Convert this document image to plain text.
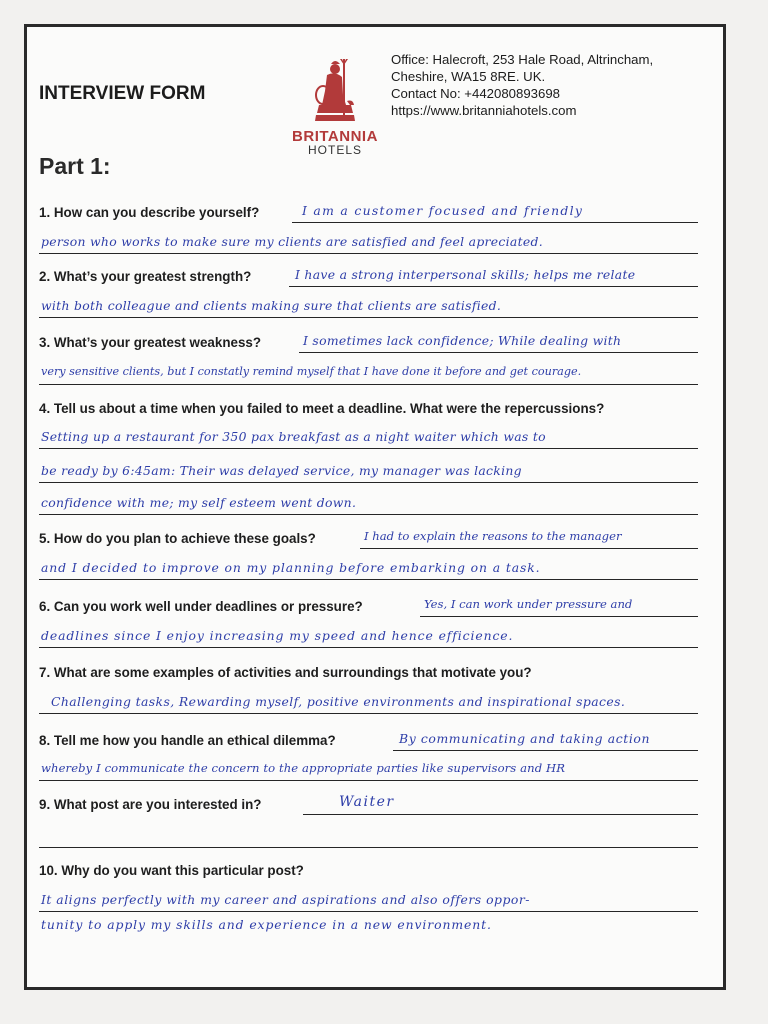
INTERVIEW FORM
BRITANNIA
HOTELS
Office: Halecroft, 253 Hale Road, Altrincham,
Cheshire, WA15 8RE. UK.
Contact No: +442080893698
https://www.britanniahotels.com
Part 1:
1. How can you describe yourself?	I am a customer focused and friendly
person who works to make sure my clients are satisfied and feel apreciated.
2. What’s your greatest strength?	I have a strong interpersonal skills; helps me relate
with both colleague and clients making sure that clients are satisfied.
3. What’s your greatest weakness?	I sometimes lack confidence; While dealing with
very sensitive clients, but I constatly remind myself that I have done it before and get courage.
4. Tell us about a time when you failed to meet a deadline. What were the repercussions?
Setting up a restaurant for 350 pax breakfast as a night waiter which was to
be ready by 6:45am: Their was delayed service, my manager was lacking
confidence with me; my self esteem went down.
5. How do you plan to achieve these goals?	I had to explain the reasons to the manager
and I decided to improve on my planning before embarking on a task.
6. Can you work well under deadlines or pressure?	Yes, I can work under pressure and
deadlines since I enjoy increasing my speed and hence efficience.
7. What are some examples of activities and surroundings that motivate you?
Challenging tasks, Rewarding myself, positive environments and inspirational spaces.
8. Tell me how you handle an ethical dilemma?	By communicating and taking action
whereby I communicate the concern to the appropriate parties like supervisors and HR
9. What post are you interested in?	Waiter
10. Why do you want this particular post?
It aligns perfectly with my career and aspirations and also offers oppor-
tunity to apply my skills and experience in a new environment.
